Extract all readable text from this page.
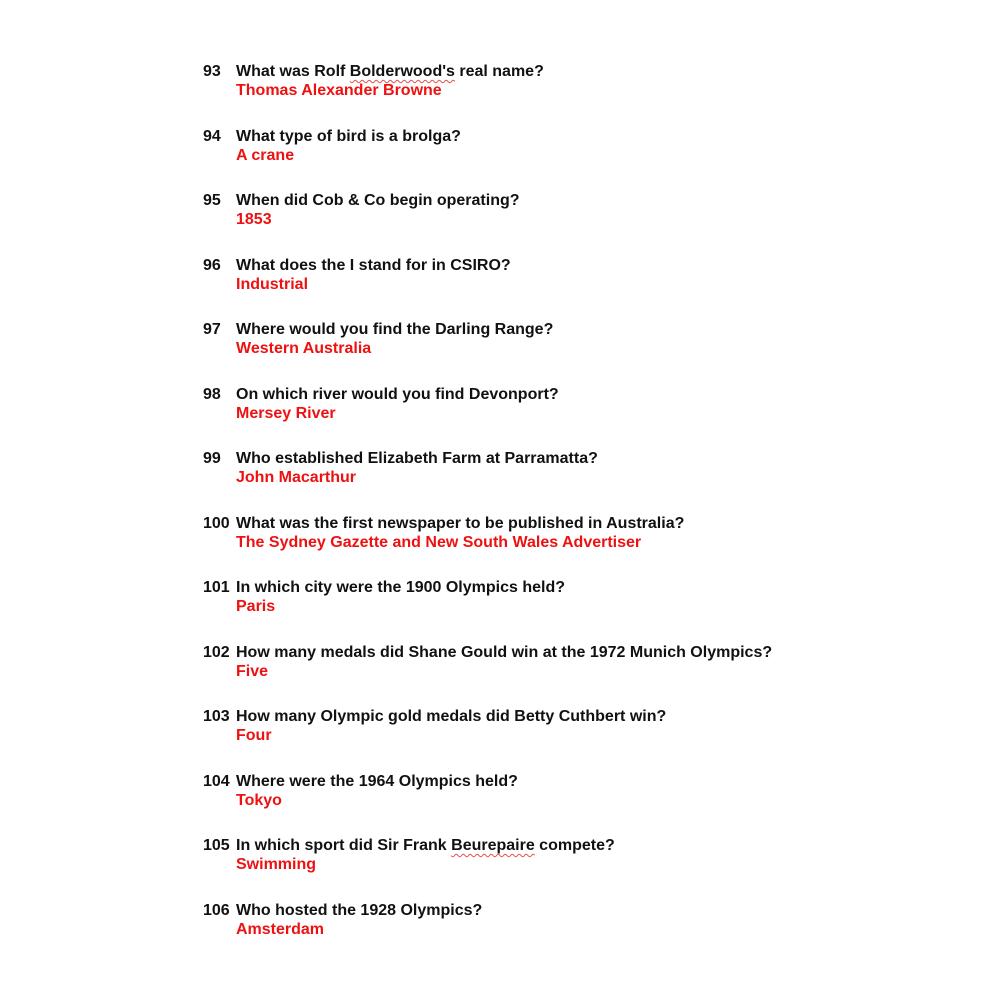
93 What was Rolf Bolderwood's real name?
Thomas Alexander Browne
94 What type of bird is a brolga?
A crane
95 When did Cob & Co begin operating?
1853
96 What does the I stand for in CSIRO?
Industrial
97 Where would you find the Darling Range?
Western Australia
98 On which river would you find Devonport?
Mersey River
99 Who established Elizabeth Farm at Parramatta?
John Macarthur
100 What was the first newspaper to be published in Australia?
The Sydney Gazette and New South Wales Advertiser
101 In which city were the 1900 Olympics held?
Paris
102 How many medals did Shane Gould win at the 1972 Munich Olympics?
Five
103 How many Olympic gold medals did Betty Cuthbert win?
Four
104 Where were the 1964 Olympics held?
Tokyo
105 In which sport did Sir Frank Beurepaire compete?
Swimming
106 Who hosted the 1928 Olympics?
Amsterdam
